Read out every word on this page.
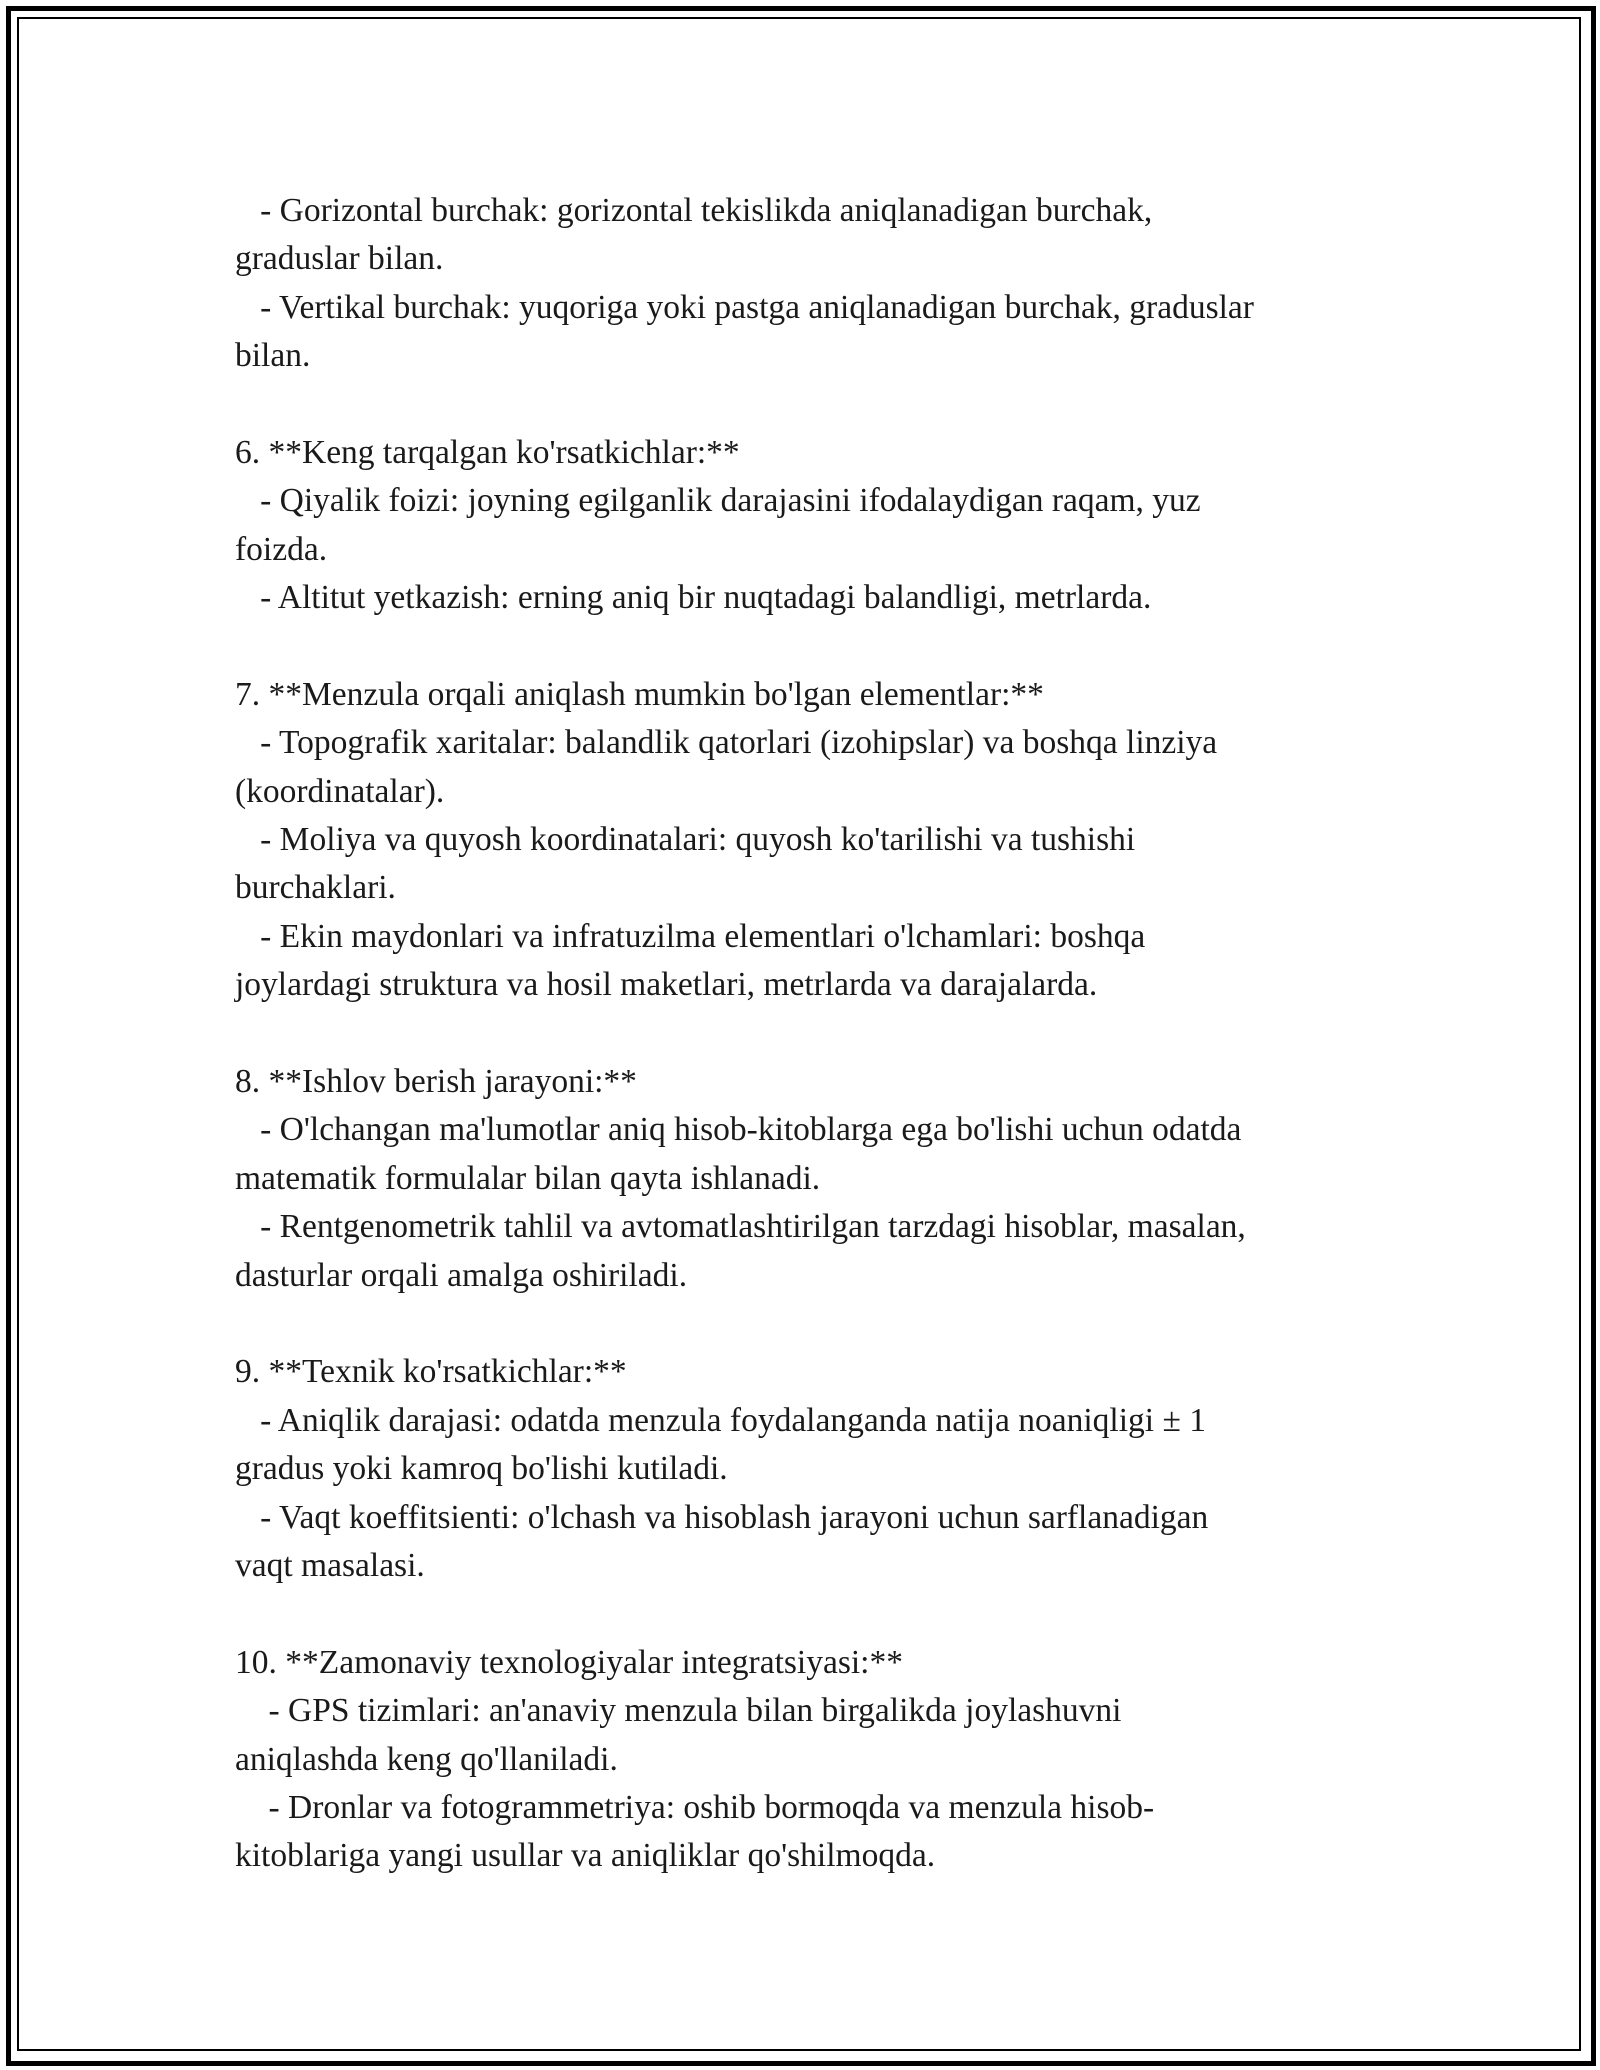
- Gorizontal burchak: gorizontal tekislikda aniqlanadigan burchak,
graduslar bilan.
- Vertikal burchak: yuqoriga yoki pastga aniqlanadigan burchak, graduslar
bilan.
6. **Keng tarqalgan ko'rsatkichlar:**
- Qiyalik foizi: joyning egilganlik darajasini ifodalaydigan raqam, yuz
foizda.
- Altitut yetkazish: erning aniq bir nuqtadagi balandligi, metrlarda.
7. **Menzula orqali aniqlash mumkin bo'lgan elementlar:**
- Topografik xaritalar: balandlik qatorlari (izohipslar) va boshqa linziya
(koordinatalar).
- Moliya va quyosh koordinatalari: quyosh ko'tarilishi va tushishi
burchaklari.
- Ekin maydonlari va infratuzilma elementlari o'lchamlari: boshqa
joylardagi struktura va hosil maketlari, metrlarda va darajalarda.
8. **Ishlov berish jarayoni:**
- O'lchangan ma'lumotlar aniq hisob-kitoblarga ega bo'lishi uchun odatda
matematik formulalar bilan qayta ishlanadi.
- Rentgenometrik tahlil va avtomatlashtirilgan tarzdagi hisoblar, masalan,
dasturlar orqali amalga oshiriladi.
9. **Texnik ko'rsatkichlar:**
- Aniqlik darajasi: odatda menzula foydalanganda natija noaniqligi ± 1
gradus yoki kamroq bo'lishi kutiladi.
- Vaqt koeffitsienti: o'lchash va hisoblash jarayoni uchun sarflanadigan
vaqt masalasi.
10. **Zamonaviy texnologiyalar integratsiyasi:**
- GPS tizimlari: an'anaviy menzula bilan birgalikda joylashuvni
aniqlashda keng qo'llaniladi.
- Dronlar va fotogrammetriya: oshib bormoqda va menzula hisob-
kitoblariga yangi usullar va aniqliklar qo'shilmoqda.
